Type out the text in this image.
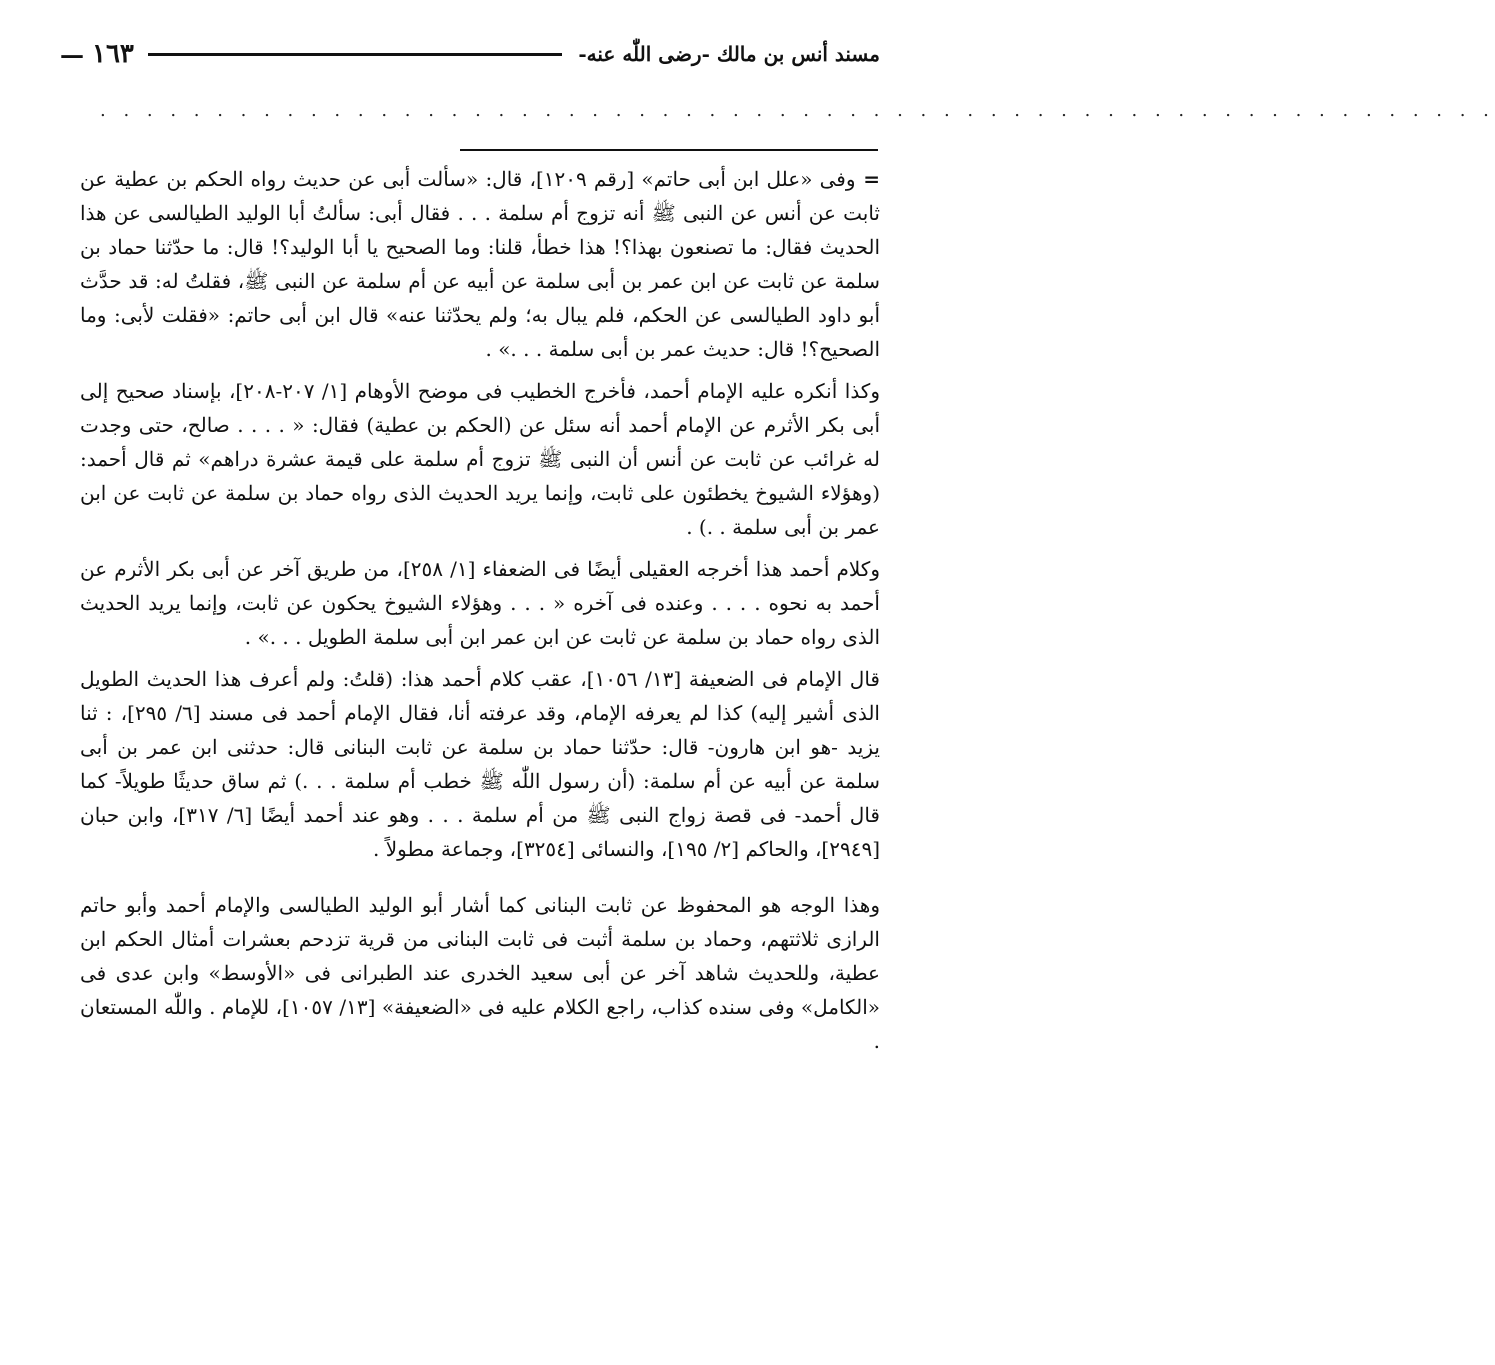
مسند أنس بن مالك -رضى اللّٰه عنه-
١٦٣
—
. . . . . . . . . . . . . . . . . . . . . . . . . . . . . . . . . . . . . . . . . . . . . . . . . . . . . . . . . . . .

= وفى «علل ابن أبى حاتم» [رقم ١٢٠٩]، قال: «سألت أبى عن حديث رواه الحكم بن عطية عن ثابت عن أنس عن النبى ﷺ أنه تزوج أم سلمة . . . فقال أبى: سألتُ أبا الوليد الطيالسى عن هذا الحديث فقال: ما تصنعون بهذا؟! هذا خطأ، قلنا: وما الصحيح يا أبا الوليد؟! قال: ما حدّثنا حماد بن سلمة عن ثابت عن ابن عمر بن أبى سلمة عن أبيه عن أم سلمة عن النبى ﷺ، فقلتُ له: قد حدَّث أبو داود الطيالسى عن الحكم، فلم يبال به؛ ولم يحدّثنا عنه» قال ابن أبى حاتم: «فقلت لأبى: وما الصحيح؟! قال: حديث عمر بن أبى سلمة . . .» .

وكذا أنكره عليه الإمام أحمد، فأخرج الخطيب فى موضح الأوهام [١/ ٢٠٧-٢٠٨]، بإسناد صحيح إلى أبى بكر الأثرم عن الإمام أحمد أنه سئل عن (الحكم بن عطية) فقال: « . . . . صالح، حتى وجدت له غرائب عن ثابت عن أنس أن النبى ﷺ تزوج أم سلمة على قيمة عشرة دراهم» ثم قال أحمد: (وهؤلاء الشيوخ يخطئون على ثابت، وإنما يريد الحديث الذى رواه حماد بن سلمة عن ثابت عن ابن عمر بن أبى سلمة . .) .

وكلام أحمد هذا أخرجه العقيلى أيضًا فى الضعفاء [١/ ٢٥٨]، من طريق آخر عن أبى بكر الأثرم عن أحمد به نحوه . . . . وعنده فى آخره « . . . وهؤلاء الشيوخ يحكون عن ثابت، وإنما يريد الحديث الذى رواه حماد بن سلمة عن ثابت عن ابن عمر ابن أبى سلمة الطويل . . .» .

قال الإمام فى الضعيفة [١٣/ ١٠٥٦]، عقب كلام أحمد هذا: (قلتُ: ولم أعرف هذا الحديث الطويل الذى أشير إليه) كذا لم يعرفه الإمام، وقد عرفته أنا، فقال الإمام أحمد فى مسند [٦/ ٢٩٥]، : ثنا يزيد -هو ابن هارون- قال: حدّثنا حماد بن سلمة عن ثابت البنانى قال: حدثنى ابن عمر بن أبى سلمة عن أبيه عن أم سلمة: (أن رسول اللّٰه ﷺ خطب أم سلمة . . .) ثم ساق حديثًا طويلاً- كما قال أحمد- فى قصة زواج النبى ﷺ من أم سلمة . . . وهو عند أحمد أيضًا [٦/ ٣١٧]، وابن حبان [٢٩٤٩]، والحاكم [٢/ ١٩٥]، والنسائى [٣٢٥٤]، وجماعة مطولاً .

وهذا الوجه هو المحفوظ عن ثابت البنانى كما أشار أبو الوليد الطيالسى والإمام أحمد وأبو حاتم الرازى ثلاثتهم، وحماد بن سلمة أثبت فى ثابت البنانى من قرية تزدحم بعشرات أمثال الحكم ابن عطية، وللحديث شاهد آخر عن أبى سعيد الخدرى عند الطبرانى فى «الأوسط» وابن عدى فى «الكامل» وفى سنده كذاب، راجع الكلام عليه فى «الضعيفة» [١٣/ ١٠٥٧]، للإمام . واللّٰه المستعان .
